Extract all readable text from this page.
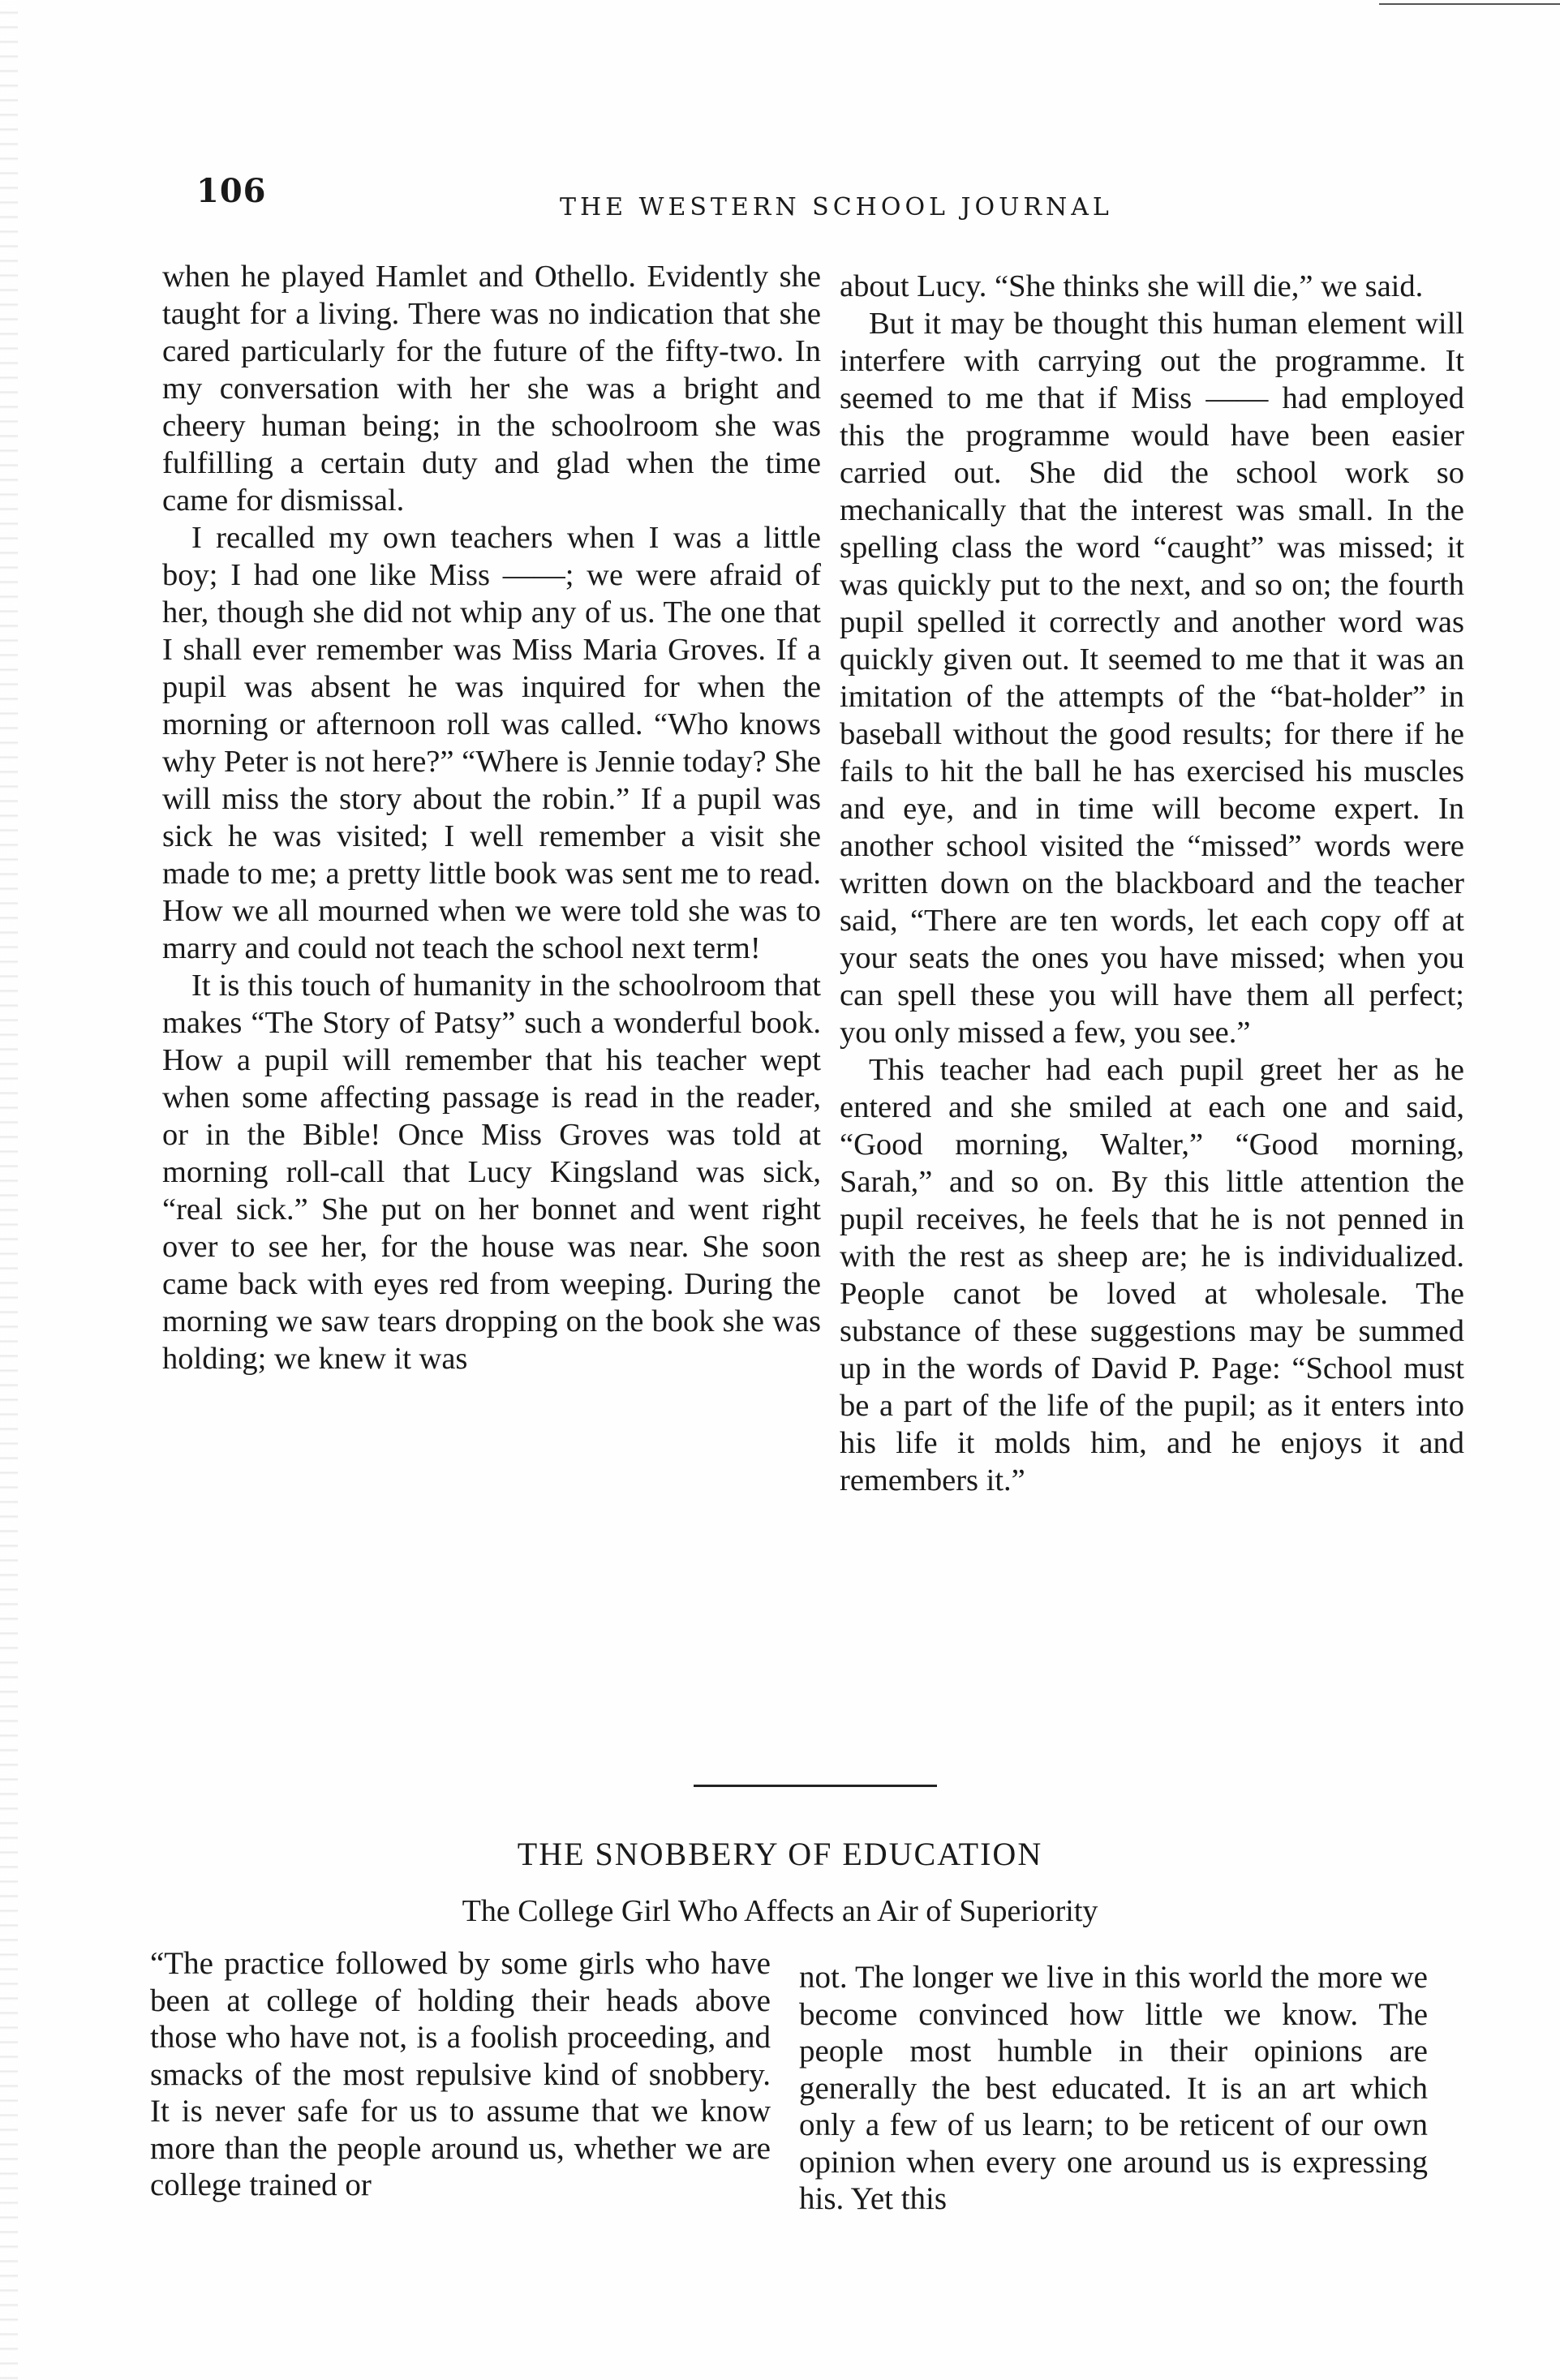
106	THE WESTERN SCHOOL JOURNAL

when he played Hamlet and Othello. Evidently she taught for a living. There was no indication that she cared particularly for the future of the fifty-two. In my conversation with her she was a bright and cheery human being; in the schoolroom she was fulfilling a certain duty and glad when the time came for dismissal.

I recalled my own teachers when I was a little boy; I had one like Miss ——; we were afraid of her, though she did not whip any of us. The one that I shall ever remember was Miss Maria Groves. If a pupil was absent he was inquired for when the morning or afternoon roll was called. “Who knows why Peter is not here?” “Where is Jennie today? She will miss the story about the robin.” If a pupil was sick he was visited; I well remember a visit she made to me; a pretty little book was sent me to read. How we all mourned when we were told she was to marry and could not teach the school next term!

It is this touch of humanity in the schoolroom that makes “The Story of Patsy” such a wonderful book. How a pupil will remember that his teacher wept when some affecting passage is read in the reader, or in the Bible! Once Miss Groves was told at morning roll-call that Lucy Kingsland was sick, “real sick.” She put on her bonnet and went right over to see her, for the house was near. She soon came back with eyes red from weeping. During the morning we saw tears dropping on the book she was holding; we knew it was

about Lucy. “She thinks she will die,” we said.

But it may be thought this human element will interfere with carrying out the programme. It seemed to me that if Miss —— had employed this the programme would have been easier carried out. She did the school work so mechanically that the interest was small. In the spelling class the word “caught” was missed; it was quickly put to the next, and so on; the fourth pupil spelled it correctly and another word was quickly given out. It seemed to me that it was an imitation of the attempts of the “bat-holder” in baseball without the good results; for there if he fails to hit the ball he has exercised his muscles and eye, and in time will become expert. In another school visited the “missed” words were written down on the blackboard and the teacher said, “There are ten words, let each copy off at your seats the ones you have missed; when you can spell these you will have them all perfect; you only missed a few, you see.”

This teacher had each pupil greet her as he entered and she smiled at each one and said, “Good morning, Walter,” “Good morning, Sarah,” and so on. By this little attention the pupil receives, he feels that he is not penned in with the rest as sheep are; he is individualized. People canot be loved at wholesale. The substance of these suggestions may be summed up in the words of David P. Page: “School must be a part of the life of the pupil; as it enters into his life it molds him, and he enjoys it and remembers it.”

THE SNOBBERY OF EDUCATION
The College Girl Who Affects an Air of Superiority

“The practice followed by some girls who have been at college of holding their heads above those who have not, is a foolish proceeding, and smacks of the most repulsive kind of snobbery. It is never safe for us to assume that we know more than the people around us, whether we are college trained or

not. The longer we live in this world the more we become convinced how little we know. The people most humble in their opinions are generally the best educated. It is an art which only a few of us learn; to be reticent of our own opinion when every one around us is expressing his. Yet this
